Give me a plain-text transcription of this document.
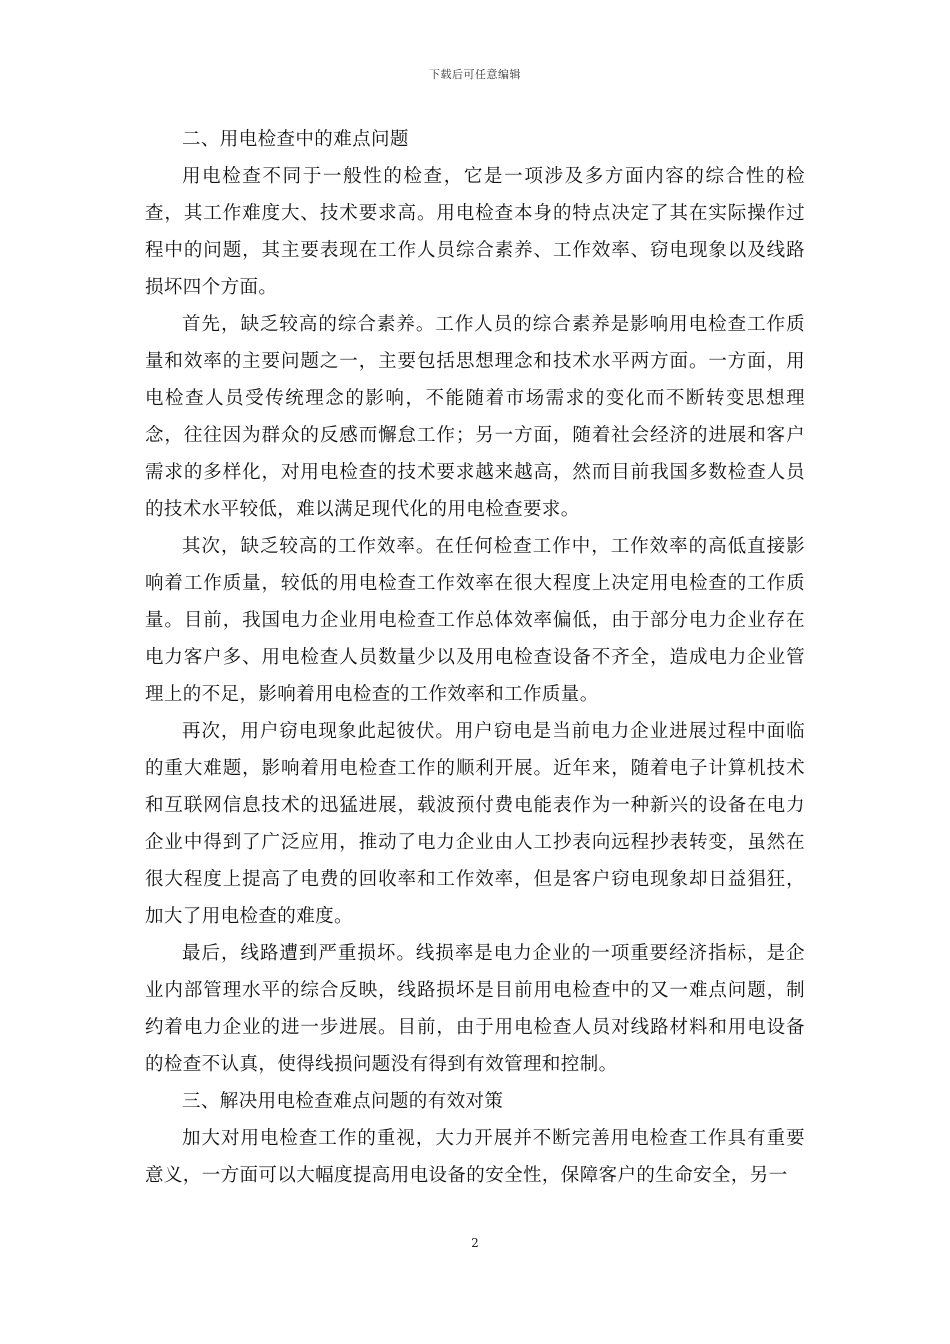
下载后可任意编辑

二、用电检查中的难点问题

用电检查不同于一般性的检查，它是一项涉及多方面内容的综合性的检查，其工作难度大、技术要求高。用电检查本身的特点决定了其在实际操作过程中的问题，其主要表现在工作人员综合素养、工作效率、窃电现象以及线路损坏四个方面。

首先，缺乏较高的综合素养。工作人员的综合素养是影响用电检查工作质量和效率的主要问题之一，主要包括思想理念和技术水平两方面。一方面，用电检查人员受传统理念的影响，不能随着市场需求的变化而不断转变思想理念，往往因为群众的反感而懈怠工作；另一方面，随着社会经济的进展和客户需求的多样化，对用电检查的技术要求越来越高，然而目前我国多数检查人员的技术水平较低，难以满足现代化的用电检查要求。

其次，缺乏较高的工作效率。在任何检查工作中，工作效率的高低直接影响着工作质量，较低的用电检查工作效率在很大程度上决定用电检查的工作质量。目前，我国电力企业用电检查工作总体效率偏低，由于部分电力企业存在电力客户多、用电检查人员数量少以及用电检查设备不齐全，造成电力企业管理上的不足，影响着用电检查的工作效率和工作质量。

再次，用户窃电现象此起彼伏。用户窃电是当前电力企业进展过程中面临的重大难题，影响着用电检查工作的顺利开展。近年来，随着电子计算机技术和互联网信息技术的迅猛进展，载波预付费电能表作为一种新兴的设备在电力企业中得到了广泛应用，推动了电力企业由人工抄表向远程抄表转变，虽然在很大程度上提高了电费的回收率和工作效率，但是客户窃电现象却日益猖狂，加大了用电检查的难度。

最后，线路遭到严重损坏。线损率是电力企业的一项重要经济指标，是企业内部管理水平的综合反映，线路损坏是目前用电检查中的又一难点问题，制约着电力企业的进一步进展。目前，由于用电检查人员对线路材料和用电设备的检查不认真，使得线损问题没有得到有效管理和控制。

三、解决用电检查难点问题的有效对策

加大对用电检查工作的重视，大力开展并不断完善用电检查工作具有重要意义，一方面可以大幅度提高用电设备的安全性，保障客户的生命安全，另一

2
